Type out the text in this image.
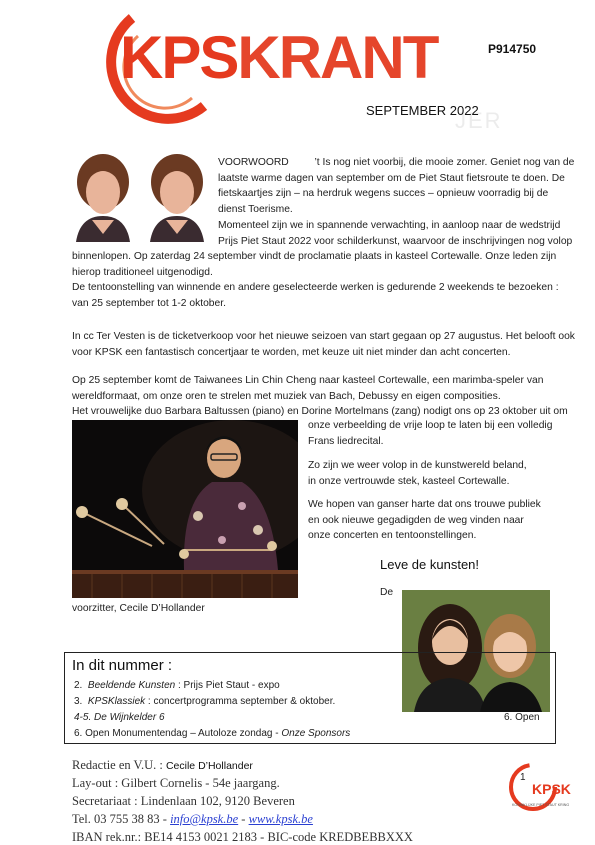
KPSKRANT	P914750
JER
SEPTEMBER 2022

VOORWOORD	’t Is nog niet voorbij, die mooie zomer. Geniet nog van de

laatste warme dagen van september om de Piet Staut fietsroute te doen. De

fietskaartjes zijn – na herdruk wegens succes – opnieuw voorradig bij de

dienst Toerisme.

Momenteel zijn we in spannende verwachting, in aanloop naar de wedstrijd

Prijs Piet Staut 2022 voor schilderkunst, waarvoor de inschrijvingen nog volop

binnenlopen. Op zaterdag 24 september vindt de proclamatie plaats in kasteel Cortewalle. Onze leden zijn

hierop traditioneel uitgenodigd.

De tentoonstelling van winnende en andere geselecteerde werken is gedurende 2 weekends te bezoeken :

van 25 september tot 1-2 oktober.

In cc Ter Vesten is de ticketverkoop voor het nieuwe seizoen van start gegaan op 27 augustus. Het belooft ook

voor KPSK een fantastisch concertjaar te worden, met keuze uit niet minder dan acht concerten.

Op 25 september komt de Taiwanees Lin Chin Cheng naar kasteel Cortewalle, een marimba-speler van

wereldformaat, om onze oren te strelen met muziek van Bach, Debussy en eigen composities.

Het vrouwelijke duo Barbara Baltussen (piano) en Dorine Mortelmans (zang) nodigt ons op 23 oktober uit om

onze verbeelding de vrije loop te laten bij een volledig

Frans liedrecital.

Zo zijn we weer volop in de kunstwereld beland,

in onze vertrouwde stek, kasteel Cortewalle.

We hopen van ganser harte dat ons trouwe publiek

en ook nieuwe gegadigden de weg vinden naar

onze concerten en tentoonstellingen.

Leve de kunsten!
De
voorzitter, Cecile D’Hollander
In dit nummer :
2. Beeldende Kunsten : Prijs Piet Staut - expo
3. KPSKlassiek : concertprogramma september & oktober.
4-5. De Wijnkelder 6
6. Open Monumentendag – Autoloze zondag - Onze Sponsors
6. Open
Redactie en V.U. : Cecile D’Hollander
Lay-out : Gilbert Cornelis - 54e jaargang.
Secretariaat : Lindenlaan 102, 9120 Beveren
Tel. 03 755 38 83 - info@kpsk.be - www.kpsk.be
IBAN rek.nr.: BE14 4153 0021 2183 - BIC-code KREDBEBBXXX
1
KPSK
KONINKLIJKE PIET STAUT KRING
